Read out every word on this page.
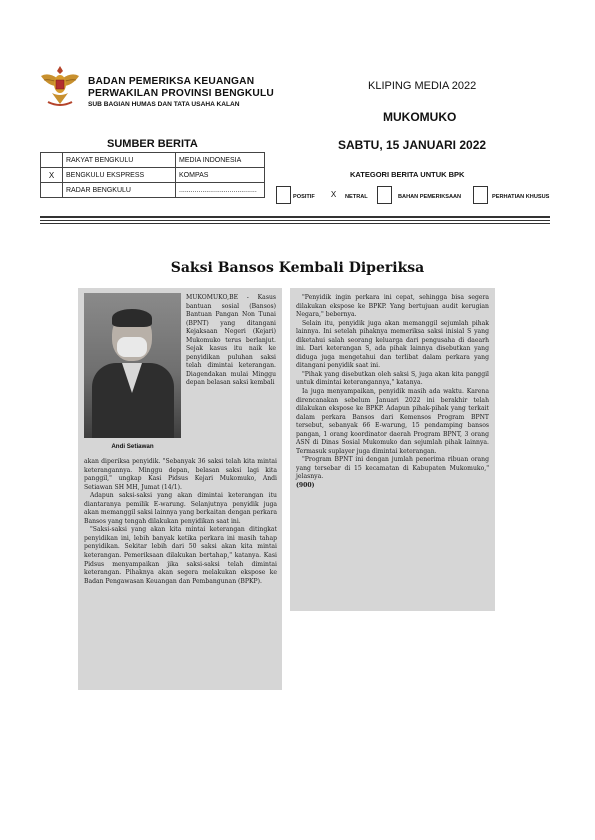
BADAN PEMERIKSA KEUANGAN
PERWAKILAN PROVINSI BENGKULU
SUB BAGIAN HUMAS DAN TATA USAHA KALAN
KLIPING MEDIA 2022
MUKOMUKO
SABTU, 15 JANUARI 2022
SUMBER BERITA
	RAKYAT BENGKULU	MEDIA INDONESIA
X	BENGKULU EKSPRESS	KOMPAS
	RADAR BENGKULU	........................................
KATEGORI BERITA UNTUK BPK
POSITIF	X	NETRAL	BAHAN PEMERIKSAAN	PERHATIAN KHUSUS
Saksi Bansos Kembali Diperiksa
Andi Setiawan

MUKOMUKO,BE - Kasus bantuan sosial (Bansos) Bantuan Pangan Non Tunai (BPNT) yang ditangani Kejaksaan Negeri (Kejari) Mukomuko terus berlanjut. Sejak kasus itu naik ke penyidikan puluhan saksi telah dimintai keterangan. Diagendakan mulai Minggu depan belasan saksi kembali

akan diperiksa penyidik. "Sebanyak 36 saksi telah kita mintai keterangannya. Minggu depan, belasan saksi lagi kita panggil," ungkap Kasi Pidsus Kejari Mukomuko, Andi Setiawan SH MH, Jumat (14/1).

Adapun saksi-saksi yang akan dimintai keterangan itu diantaranya pemilik E-warung. Selanjutnya penyidik juga akan memanggil saksi lainnya yang berkaitan dengan perkara Bansos yang tengah dilakukan penyidikan saat ini.

"Saksi-saksi yang akan kita mintai keterangan ditingkat penyidikan ini, lebih banyak ketika perkara ini masih tahap penyidikan. Sekitar lebih dari 50 saksi akan kita mintai keterangan. Pemeriksaan dilakukan bertahap," katanya. Kasi Pidsus menyampaikan jika saksi-saksi telah dimintai keterangan. Pihaknya akan segera melakukan ekspose ke Badan Pengawasan Keuangan dan Pembangunan (BPKP).

"Penyidik ingin perkara ini cepat, sehingga bisa segera dilakukan ekspose ke BPKP. Yang bertujuan audit kerugian Negara," bebernya.

Selain itu, penyidik juga akan memanggil sejumlah pihak lainnya. Ini setelah pihaknya memeriksa saksi inisial S yang diketahui salah seorang keluarga dari pengusaha di daearh ini. Dari keterangan S, ada pihak lainnya disebutkan yang diduga juga mengetahui dan terlibat dalam perkara yang ditangani penyidik saat ini.

"Pihak yang disebutkan oleh saksi S, juga akan kita panggil untuk dimintai keterangannya," katanya.

Ia juga menyampaikan, penyidik masih ada waktu. Karena direncanakan sebelum Januari 2022 ini berakhir telah dilakukan ekspose ke BPKP. Adapun pihak-pihak yang terkait dalam perkara Bansos dari Kemensos Program BPNT tersebut, sebanyak 66 E-warung, 15 pendamping bansos pangan, 1 orang koordinator daerah Program BPNT, 3 orang ASN di Dinas Sosial Mukomuko dan sejumlah pihak lainnya. Termasuk suplayer juga dimintai keterangan.

"Program BPNT ini dengan jumlah penerima ribuan orang yang tersebar di 15 kecamatan di Kabupaten Mukomuko," jelasnya.

(900)
